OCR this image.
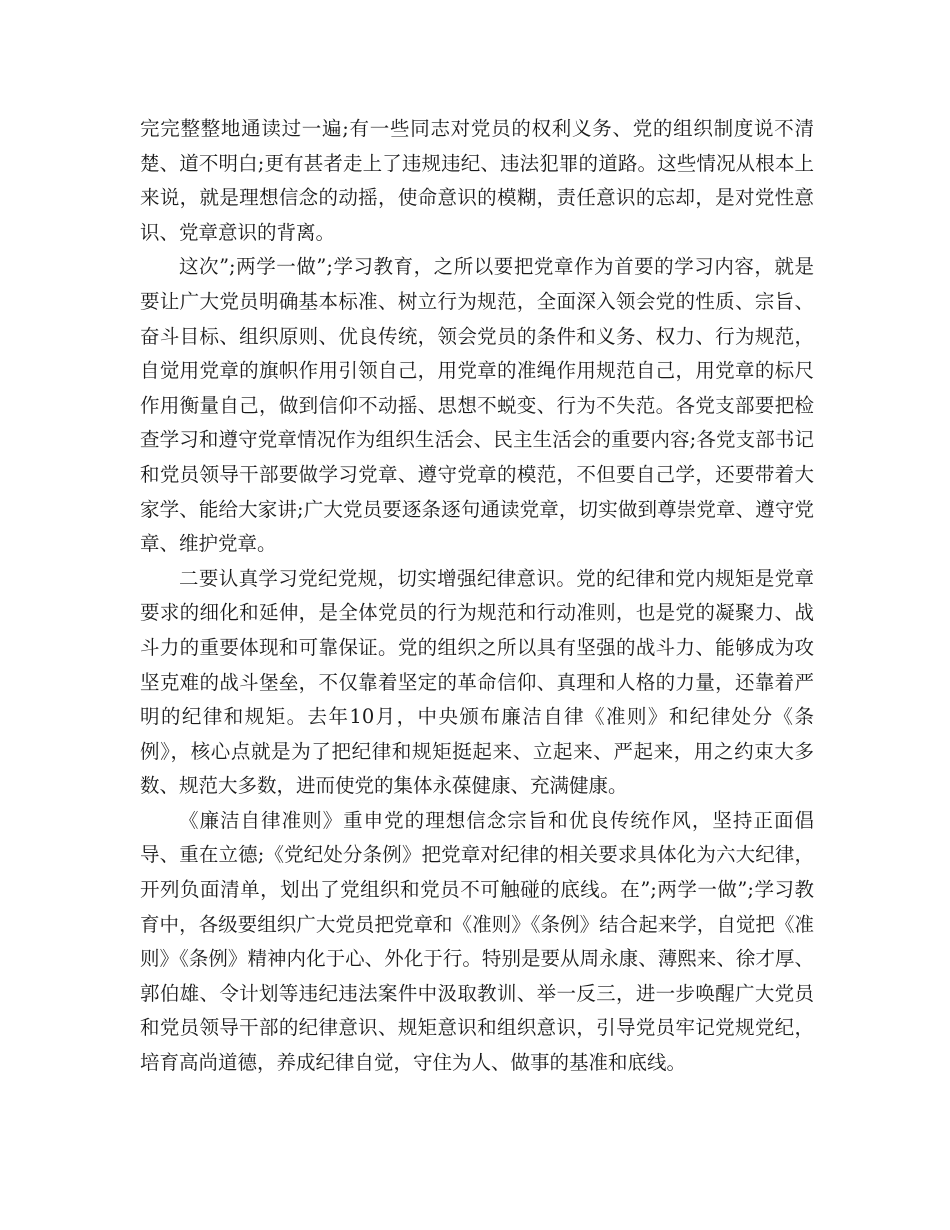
完完整整地通读过一遍;有一些同志对党员的权利义务、党的组织制度说不清楚、道不明白;更有甚者走上了违规违纪、违法犯罪的道路。这些情况从根本上来说，就是理想信念的动摇，使命意识的模糊，责任意识的忘却，是对党性意识、党章意识的背离。

这次”;两学一做”;学习教育，之所以要把党章作为首要的学习内容，就是要让广大党员明确基本标准、树立行为规范，全面深入领会党的性质、宗旨、奋斗目标、组织原则、优良传统，领会党员的条件和义务、权力、行为规范，自觉用党章的旗帜作用引领自己，用党章的准绳作用规范自己，用党章的标尺作用衡量自己，做到信仰不动摇、思想不蜕变、行为不失范。各党支部要把检查学习和遵守党章情况作为组织生活会、民主生活会的重要内容;各党支部书记和党员领导干部要做学习党章、遵守党章的模范，不但要自己学，还要带着大家学、能给大家讲;广大党员要逐条逐句通读党章，切实做到尊崇党章、遵守党章、维护党章。

二要认真学习党纪党规，切实增强纪律意识。党的纪律和党内规矩是党章要求的细化和延伸，是全体党员的行为规范和行动准则，也是党的凝聚力、战斗力的重要体现和可靠保证。党的组织之所以具有坚强的战斗力、能够成为攻坚克难的战斗堡垒，不仅靠着坚定的革命信仰、真理和人格的力量，还靠着严明的纪律和规矩。去年10月，中央颁布廉洁自律《准则》和纪律处分《条例》，核心点就是为了把纪律和规矩挺起来、立起来、严起来，用之约束大多数、规范大多数，进而使党的集体永葆健康、充满健康。

《廉洁自律准则》重申党的理想信念宗旨和优良传统作风，坚持正面倡导、重在立德;《党纪处分条例》把党章对纪律的相关要求具体化为六大纪律，开列负面清单，划出了党组织和党员不可触碰的底线。在”;两学一做”;学习教育中，各级要组织广大党员把党章和《准则》《条例》结合起来学，自觉把《准则》《条例》精神内化于心、外化于行。特别是要从周永康、薄熙来、徐才厚、郭伯雄、令计划等违纪违法案件中汲取教训、举一反三，进一步唤醒广大党员和党员领导干部的纪律意识、规矩意识和组织意识，引导党员牢记党规党纪，培育高尚道德，养成纪律自觉，守住为人、做事的基准和底线。
